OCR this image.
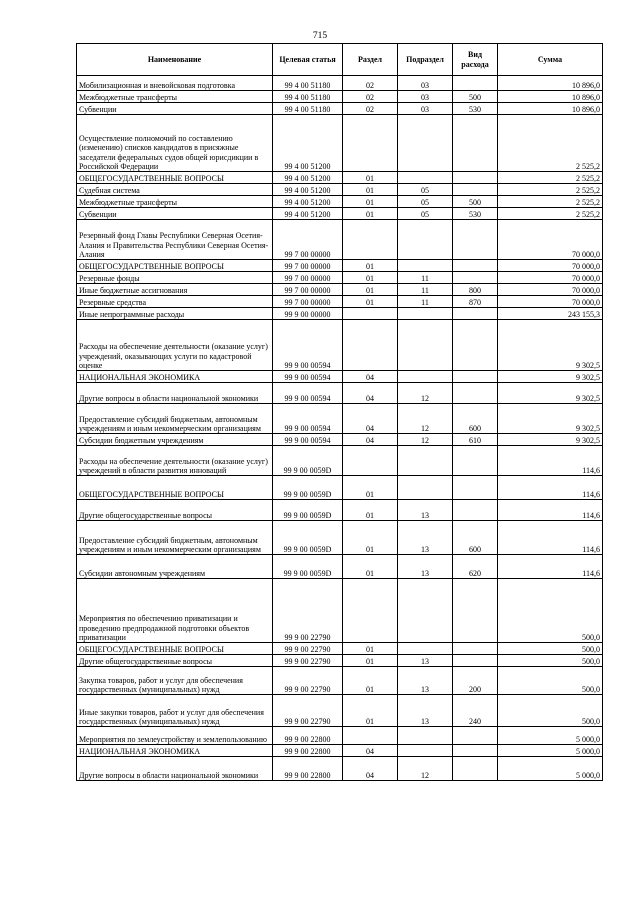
715
Наименование	Целевая статья	Раздел	Подраздел	Вид расхода	Сумма
Мобилизационная и вневойсковая подготовка	99 4 00 51180	02	03		10 896,0
Межбюджетные трансферты	99 4 00 51180	02	03	500	10 896,0
Субвенции	99 4 00 51180	02	03	530	10 896,0
Осуществление полномочий по составлению (изменению) списков кандидатов в присяжные заседатели федеральных судов общей юрисдикции в Российской Федерации	99 4 00 51200				2 525,2
ОБЩЕГОСУДАРСТВЕННЫЕ ВОПРОСЫ	99 4 00 51200	01			2 525,2
Судебная система	99 4 00 51200	01	05		2 525,2
Межбюджетные трансферты	99 4 00 51200	01	05	500	2 525,2
Субвенции	99 4 00 51200	01	05	530	2 525,2
Резервный фонд Главы Республики Северная Осетия-Алания и Правительства Республики Северная Осетия-Алания	99 7 00 00000				70 000,0
ОБЩЕГОСУДАРСТВЕННЫЕ ВОПРОСЫ	99 7 00 00000	01			70 000,0
Резервные фонды	99 7 00 00000	01	11		70 000,0
Иные бюджетные ассигнования	99 7 00 00000	01	11	800	70 000,0
Резервные средства	99 7 00 00000	01	11	870	70 000,0
Иные непрограммные расходы	99 9 00 00000				243 155,3
Расходы на обеспечение деятельности (оказание услуг) учреждений, оказывающих услуги по кадастровой оценке	99 9 00 00594				9 302,5
НАЦИОНАЛЬНАЯ ЭКОНОМИКА	99 9 00 00594	04			9 302,5
Другие вопросы в области национальной экономики	99 9 00 00594	04	12		9 302,5
Предоставление субсидий бюджетным, автономным учреждениям и иным некоммерческим организациям	99 9 00 00594	04	12	600	9 302,5
Субсидии бюджетным учреждениям	99 9 00 00594	04	12	610	9 302,5
Расходы на обеспечение деятельности (оказание услуг) учреждений в области развития инноваций	99 9 00 0059D				114,6
ОБЩЕГОСУДАРСТВЕННЫЕ ВОПРОСЫ	99 9 00 0059D	01			114,6
Другие общегосударственные вопросы	99 9 00 0059D	01	13		114,6
Предоставление субсидий бюджетным, автономным учреждениям и иным некоммерческим организациям	99 9 00 0059D	01	13	600	114,6
Субсидии автономным учреждениям	99 9 00 0059D	01	13	620	114,6
Мероприятия по обеспечению приватизации и проведению предпродажной подготовки объектов приватизации	99 9 00 22790				500,0
ОБЩЕГОСУДАРСТВЕННЫЕ ВОПРОСЫ	99 9 00 22790	01			500,0
Другие общегосударственные вопросы	99 9 00 22790	01	13		500,0
Закупка товаров, работ и услуг для обеспечения государственных (муниципальных) нужд	99 9 00 22790	01	13	200	500,0
Иные закупки товаров, работ и услуг для обеспечения государственных (муниципальных) нужд	99 9 00 22790	01	13	240	500,0
Мероприятия по землеустройству и землепользованию	99 9 00 22800				5 000,0
НАЦИОНАЛЬНАЯ ЭКОНОМИКА	99 9 00 22800	04			5 000,0
Другие вопросы в области национальной экономики	99 9 00 22800	04	12		5 000,0
